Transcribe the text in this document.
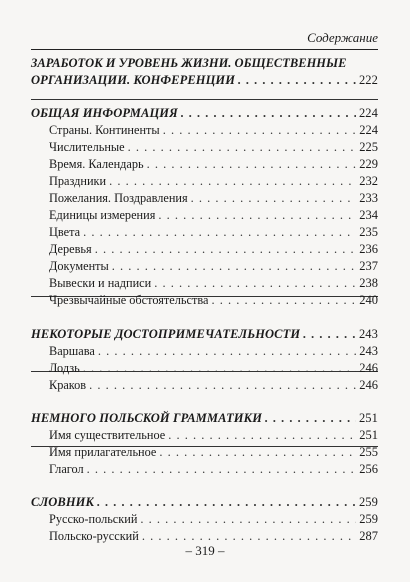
Содержание
ЗАРАБОТОК И УРОВЕНЬ ЖИЗНИ. ОБЩЕСТВЕННЫЕ
ОРГАНИЗАЦИИ. КОНФЕРЕНЦИИ . . .	222
ОБЩАЯ ИНФОРМАЦИЯ . . .	224
Страны. Континенты . . .	224
Числительные . . .	225
Время. Календарь . . .	229
Праздники . . .	232
Пожелания. Поздравления . . .	233
Единицы измерения . . .	234
Цвета . . .	235
Деревья . . .	236
Документы . . .	237
Вывески и надписи . . .	238
Чрезвычайные обстоятельства . . .	240
НЕКОТОРЫЕ ДОСТОПРИМЕЧАТЕЛЬНОСТИ . . .	243
Варшава . . .	243
Лодзь . . .	246
Краков . . .	246
НЕМНОГО ПОЛЬСКОЙ ГРАММАТИКИ . . .	251
Имя существительное . . .	251
Имя прилагательное . . .	255
Глагол . . .	256
СЛОВНИК . . .	259
Русско-польский . . .	259
Польско-русский . . .	287
– 319 –
